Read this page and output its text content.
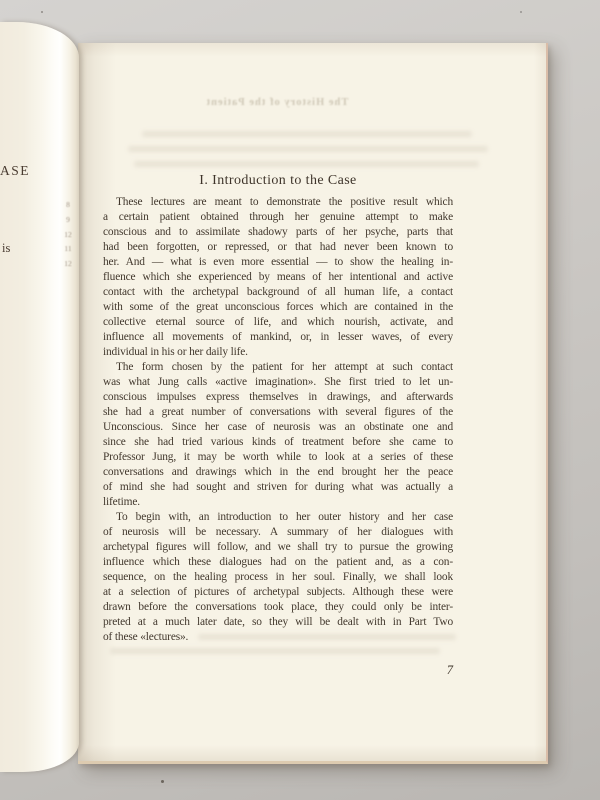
The History of the Patient
I. Introduction to the Case
These lectures are meant to demonstrate the positive result which
a certain patient obtained through her genuine attempt to make
conscious and to assimilate shadowy parts of her psyche, parts that
had been forgotten, or repressed, or that had never been known to
her. And — what is even more essential — to show the healing in-
fluence which she experienced by means of her intentional and active
contact with the archetypal background of all human life, a contact
with some of the great unconscious forces which are contained in the
collective eternal source of life, and which nourish, activate, and
influence all movements of mankind, or, in lesser waves, of every
individual in his or her daily life.
The form chosen by the patient for her attempt at such contact
was what Jung calls «active imagination». She first tried to let un-
conscious impulses express themselves in drawings, and afterwards
she had a great number of conversations with several figures of the
Unconscious. Since her case of neurosis was an obstinate one and
since she had tried various kinds of treatment before she came to
Professor Jung, it may be worth while to look at a series of these
conversations and drawings which in the end brought her the peace
of mind she had sought and striven for during what was actually a
lifetime.
To begin with, an introduction to her outer history and her case
of neurosis will be necessary. A summary of her dialogues with
archetypal figures will follow, and we shall try to pursue the growing
influence which these dialogues had on the patient and, as a con-
sequence, on the healing process in her soul. Finally, we shall look
at a selection of pictures of archetypal subjects. Although these were
drawn before the conversations took place, they could only be inter-
preted at a much later date, so they will be dealt with in Part Two
of these «lectures».
7
ASE
is
8
9
12
11
12
